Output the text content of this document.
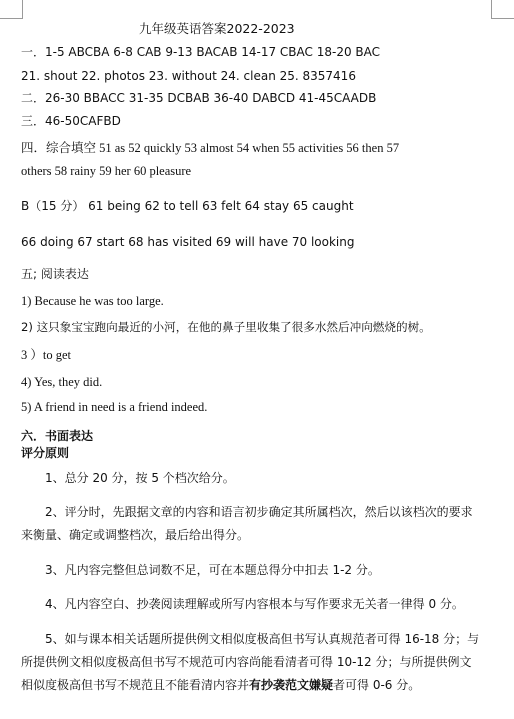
九年级英语答案2022-2023
一．1-5 ABCBA 6-8 CAB 9-13 BACAB 14-17 CBAC 18-20 BAC
21. shout 22. photos 23. without 24. clean 25. 8357416
二．26-30 BBACC 31-35 DCBAB 36-40 DABCD 41-45CAADB
三．46-50CAFBD
四．综合填空 51 as 52 quickly 53 almost 54 when 55 activities 56 then 57
others 58 rainy 59 her 60 pleasure
B（15 分） 61 being 62 to tell 63 felt 64 stay 65 caught
66 doing 67 start 68 has visited 69 will have 70 looking
五; 阅读表达
1) Because he was too large.
2) 这只象宝宝跑向最近的小河，在他的鼻子里收集了很多水然后冲向燃烧的树。
3 ）to get
4) Yes, they did.
5) A friend in need is a friend indeed.
六．书面表达
评分原则
1、总分 20 分，按 5 个档次给分。
2、评分时，先跟据文章的内容和语言初步确定其所属档次，然后以该档次的要求
来衡量、确定或调整档次，最后给出得分。
3、凡内容完整但总词数不足，可在本题总得分中扣去 1-2 分。
4、凡内容空白、抄袭阅读理解或所写内容根本与写作要求无关者一律得 0 分。
5、如与课本相关话题所提供例文相似度极高但书写认真规范者可得 16-18 分；与
所提供例文相似度极高但书写不规范可内容尚能看清者可得 10-12 分；与所提供例文
相似度极高但书写不规范且不能看清内容并有抄袭范文嫌疑者可得 0-6 分。
